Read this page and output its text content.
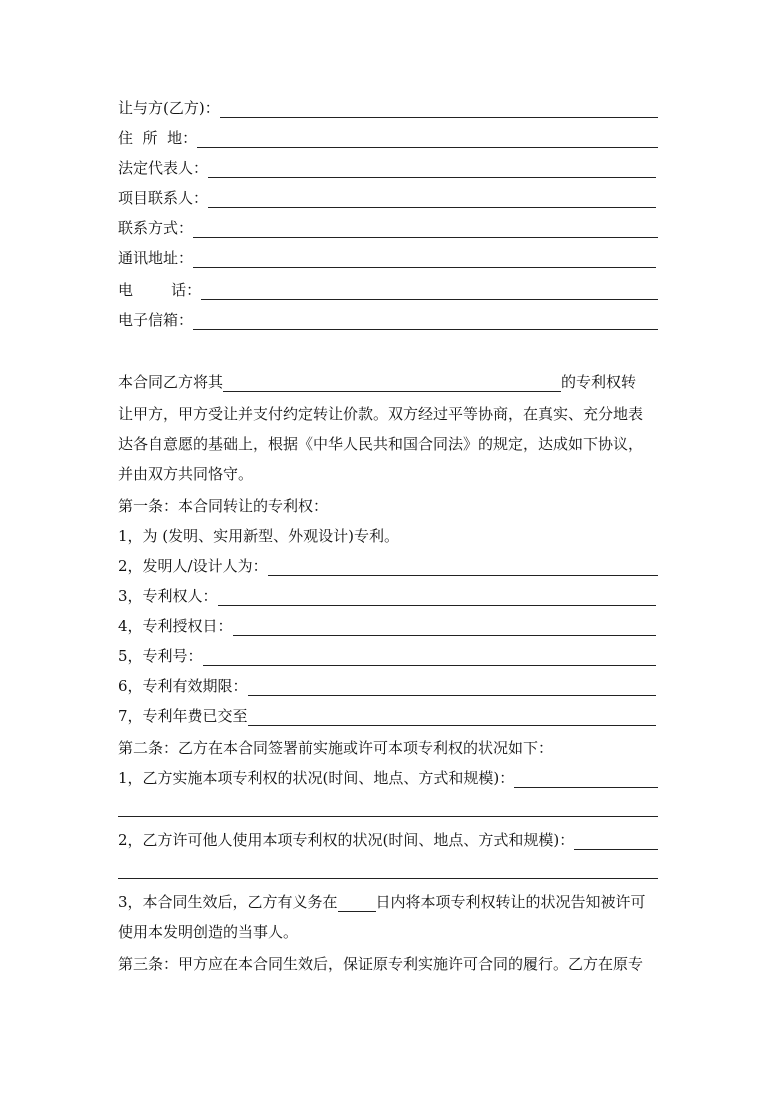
让与方(乙方)：
住  所  地：
法定代表人：
项目联系人：
联系方式：
通讯地址：
电        话：
电子信箱：
本合同乙方将其	的专利权转
让甲方，甲方受让并支付约定转让价款。双方经过平等协商，在真实、充分地表
达各自意愿的基础上，根据《中华人民共和国合同法》的规定，达成如下协议，
并由双方共同恪守。
第一条：本合同转让的专利权：
1，为 (发明、实用新型、外观设计)专利。
2，发明人/设计人为：
3，专利权人：
4，专利授权日：
5，专利号：
6，专利有效期限：
7，专利年费已交至
第二条：乙方在本合同签署前实施或许可本项专利权的状况如下：
1，乙方实施本项专利权的状况(时间、地点、方式和规模)：
2，乙方许可他人使用本项专利权的状况(时间、地点、方式和规模)：
3，本合同生效后，乙方有义务在	日内将本项专利权转让的状况告知被许可
使用本发明创造的当事人。
第三条：甲方应在本合同生效后，保证原专利实施许可合同的履行。乙方在原专
